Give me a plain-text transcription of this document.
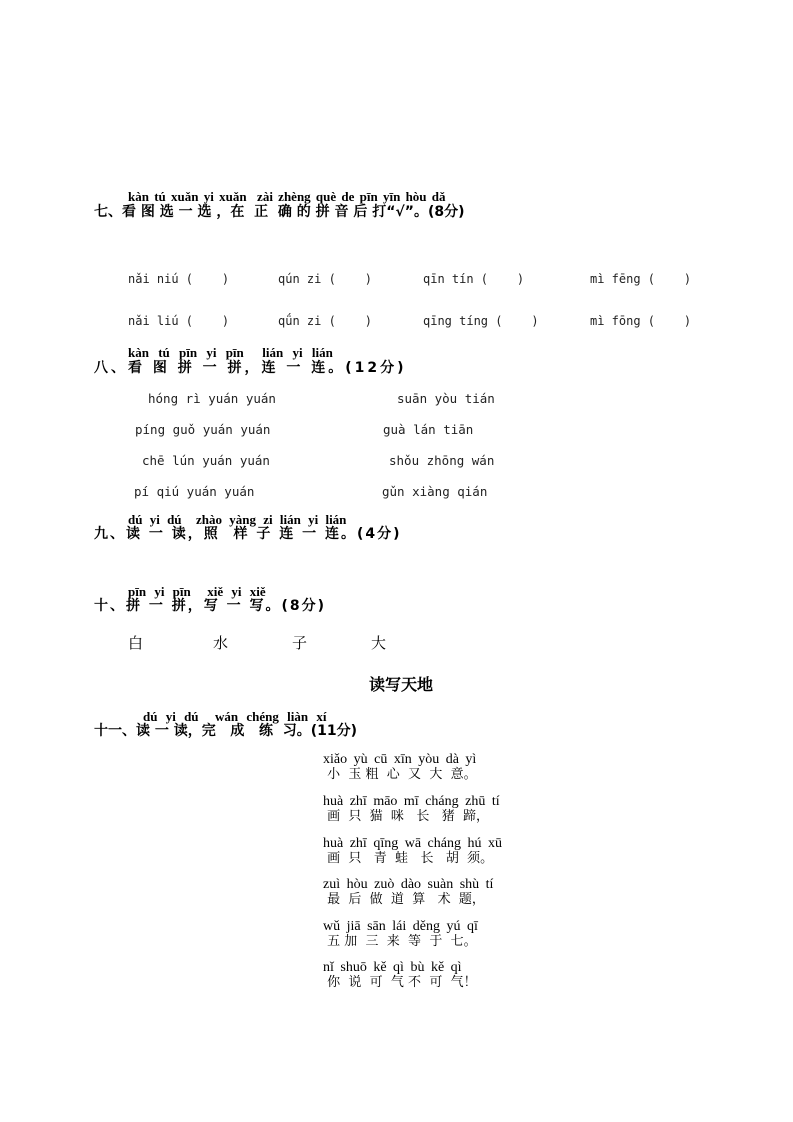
kàn tú xuǎn yi xuǎn  zài zhèng què de pīn yīn hòu dǎ
七、看 图 选 一 选 ，在  正  确 的 拼 音 后 打“√”。(8分)
nǎi niú (    )	qún zi (    )	qīn tín (    )	mì fēng (    )
nǎi liú (    )	qǘn zi (    )	qīng tíng (    )	mì fōng (    )
kàn tú pīn yi pīn  lián yi lián
八、看 图 拼 一 拼，连 一 连。(12分)
hóng rì yuán yuán
píng guǒ yuán yuán
chē lún yuán yuán
pí qiú yuán yuán
suān yòu tián
guà lán tiān
shǒu zhōng wán
gǔn xiàng qián
dú yi dú  zhào yàng zi lián yi lián
九、读 一 读，照  样 子 连 一 连。(4分)
pīn yi pīn  xiě yi xiě
十、拼 一 拼，写 一 写。(8分)
白	水	子	大
读写天地
dú yi dú  wán chéng liàn xí
十一、读 一 读，完   成   练  习。(11分)
xiǎo yù cū xīn yòu dà yì
小  玉 粗  心  又  大  意。
huà zhī māo mī cháng zhū tí
画  只  猫  咪   长   猪  蹄，
huà zhī qīng wā cháng hú xū
画  只   青  蛙   长   胡  须。
zuì hòu zuò dào suàn shù tí
最  后  做  道  算   术  题，
wǔ jiā sān lái děng yú qī
五 加  三  来  等  于  七。
nǐ shuō kě qì bù kě qì
你  说  可  气 不  可  气！
